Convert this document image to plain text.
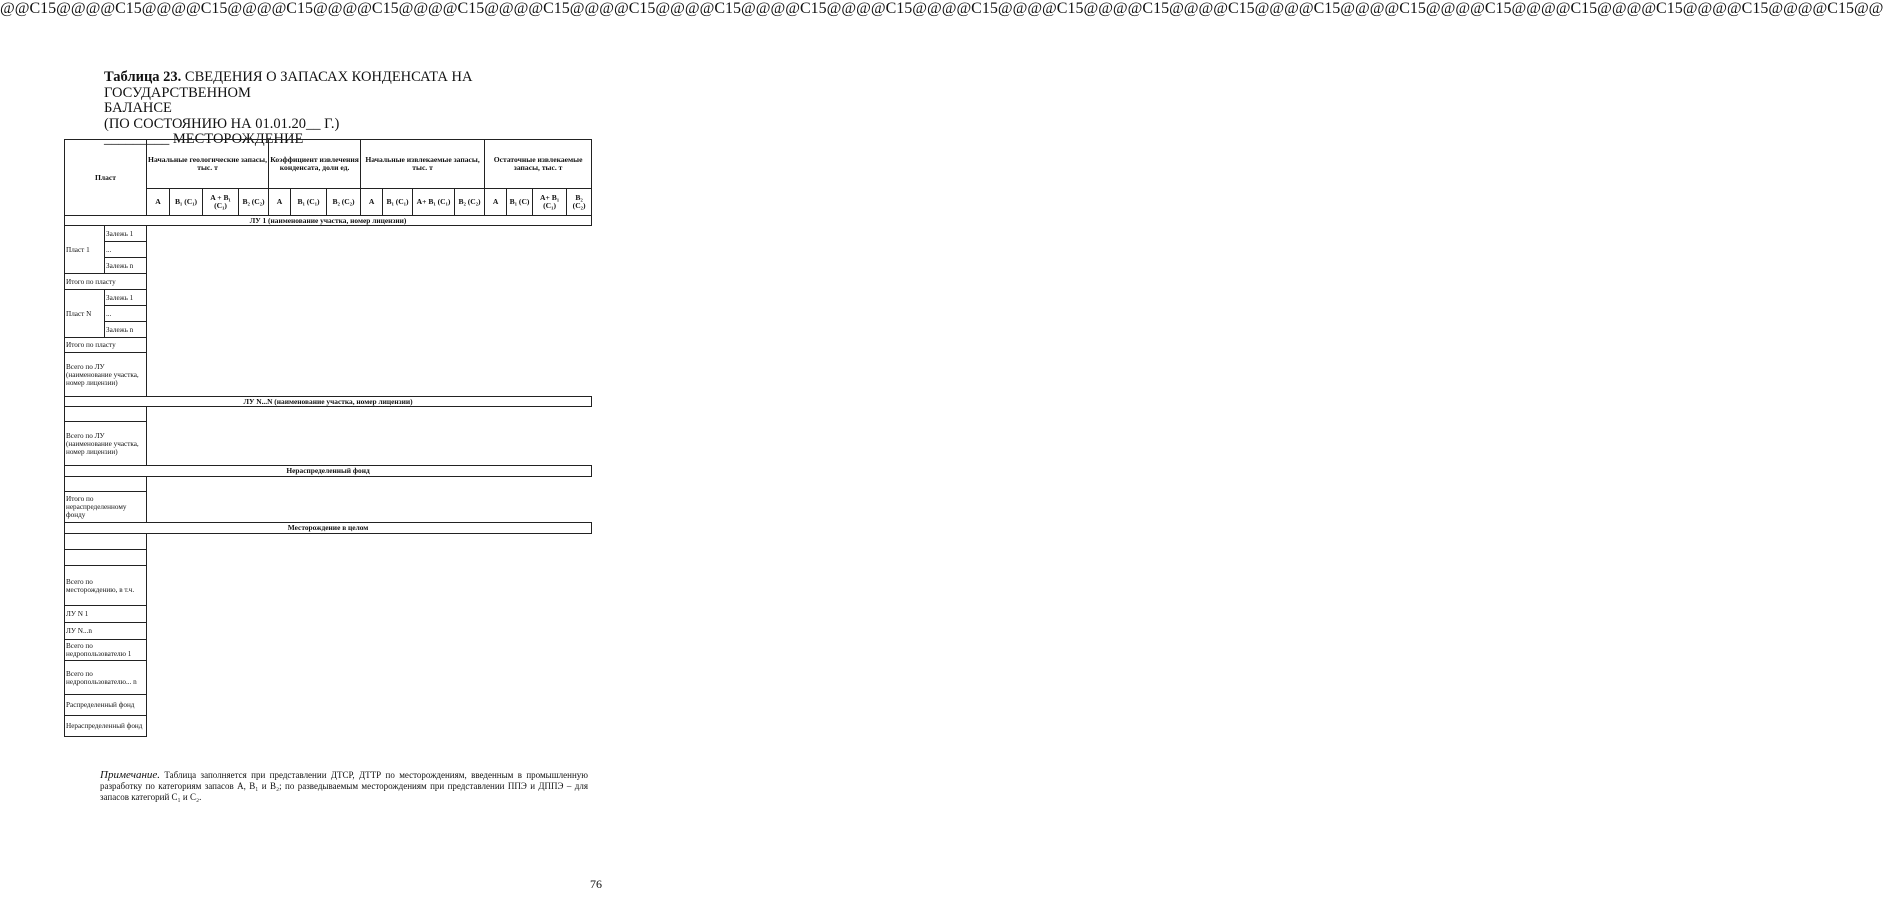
Таблица 23. СВЕДЕНИЯ О ЗАПАСАХ КОНДЕНСАТА НА ГОСУДАРСТВЕННОМ
БАЛАНСЕ
(ПО СОСТОЯНИЮ НА 01.01.20__ Г.)
_________ МЕСТОРОЖДЕНИЕ
@@C15@@@@C15@@@@C15@@@@C15@@@@C15@@@@C15@@@@C15@@@@C15@@@@C15@@@@C15@@@@C15@@@@C15@@@@C15@@@@C15@@@@C15@@@@C15@@@@C15@@@@C15@@@@C15@@@@C15@@@@C15@@@@C15@@
Пласт		Начальные геологические запасы, тыс. т				Коэффициент извлечения конденсата, доли ед.			Начальные извлекаемые запасы, тыс. т				Остаточные извлекаемые запасы, тыс. т			
		А	B₁ (C₁)	A + B₁ (C₁)	B₂ (C₂)	А	B₁ (C₁)	B₂ (C₂)	А	B₁ (C₁)	A+ B₁ (C₁)	B₂ (C₂)	А	B₁ (C)	A+ B₁ (C₁)	B₂ (C₂)
ЛУ 1 (наименование участка, номер лицензии)																
Пласт 1	Залежь 1															
	...															
	Залежь n															
Итого по пласту																
Пласт N	Залежь 1															
	...															
	Залежь n															
Итого по пласту																
Всего по ЛУ (наименование участка, номер лицензии)																
ЛУ N...N (наименование участка, номер лицензии)																

Всего по ЛУ (наименование участка, номер лицензии)																
Нераспределенный фонд																

Итого по нераспределенному фонду																
Месторождение в целом																

Всего по месторождению, в т.ч.																
ЛУ N 1																
ЛУ N...n																
Всего по недропользователю 1																
Всего по недропользователю... n																
Распределенный фонд																
Нераспределенный фонд																
Примечание. Таблица заполняется при представлении ДТСР, ДТТР по месторождениям, введенным в промышленную разработку по категориям запасов А, В₁ и В₂; по разведываемым месторождениям при представлении ППЭ и ДППЭ – для запасов категорий С₁ и С₂.
76
